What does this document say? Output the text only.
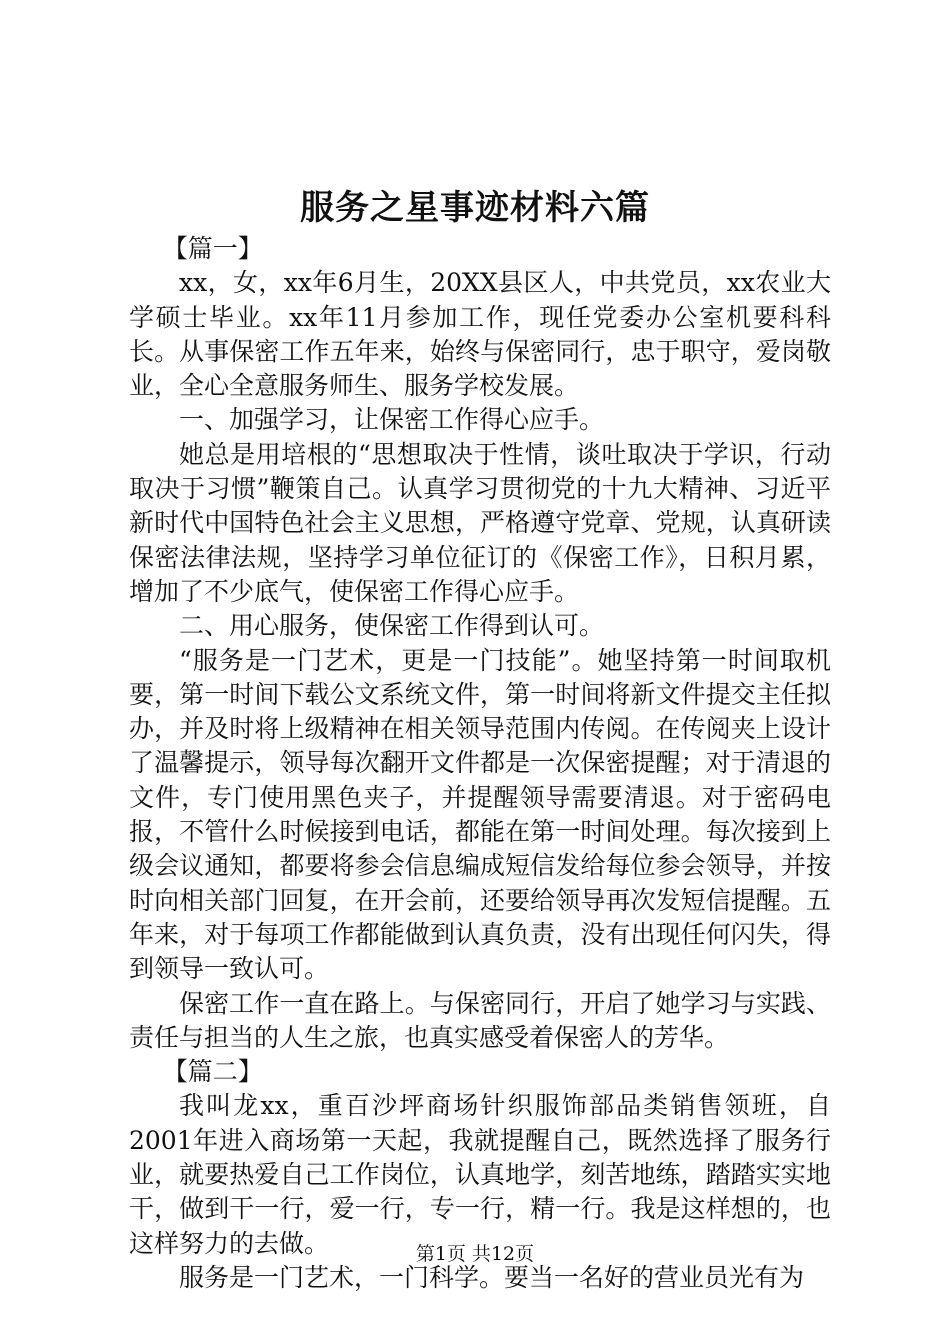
服务之星事迹材料六篇

【篇一】

xx，女，xx年6月生，20XX县区人，中共党员，xx农业大学硕士毕业。xx年11月参加工作，现任党委办公室机要科科长。从事保密工作五年来，始终与保密同行，忠于职守，爱岗敬业，全心全意服务师生、服务学校发展。

一、加强学习，让保密工作得心应手。

她总是用培根的“思想取决于性情，谈吐取决于学识，行动取决于习惯”鞭策自己。认真学习贯彻党的十九大精神、习近平新时代中国特色社会主义思想，严格遵守党章、党规，认真研读保密法律法规，坚持学习单位征订的《保密工作》，日积月累，增加了不少底气，使保密工作得心应手。

二、用心服务，使保密工作得到认可。

“服务是一门艺术，更是一门技能”。她坚持第一时间取机要，第一时间下载公文系统文件，第一时间将新文件提交主任拟办，并及时将上级精神在相关领导范围内传阅。在传阅夹上设计了温馨提示，领导每次翻开文件都是一次保密提醒；对于清退的文件，专门使用黑色夹子，并提醒领导需要清退。对于密码电报，不管什么时候接到电话，都能在第一时间处理。每次接到上级会议通知，都要将参会信息编成短信发给每位参会领导，并按时向相关部门回复，在开会前，还要给领导再次发短信提醒。五年来，对于每项工作都能做到认真负责，没有出现任何闪失，得到领导一致认可。

保密工作一直在路上。与保密同行，开启了她学习与实践、责任与担当的人生之旅，也真实感受着保密人的芳华。

【篇二】

我叫龙xx，重百沙坪商场针织服饰部品类销售领班，自2001年进入商场第一天起，我就提醒自己，既然选择了服务行业，就要热爱自己工作岗位，认真地学，刻苦地练，踏踏实实地干，做到干一行，爱一行，专一行，精一行。我是这样想的，也这样努力的去做。

服务是一门艺术，一门科学。要当一名好的营业员光有为

第1页 共12页
